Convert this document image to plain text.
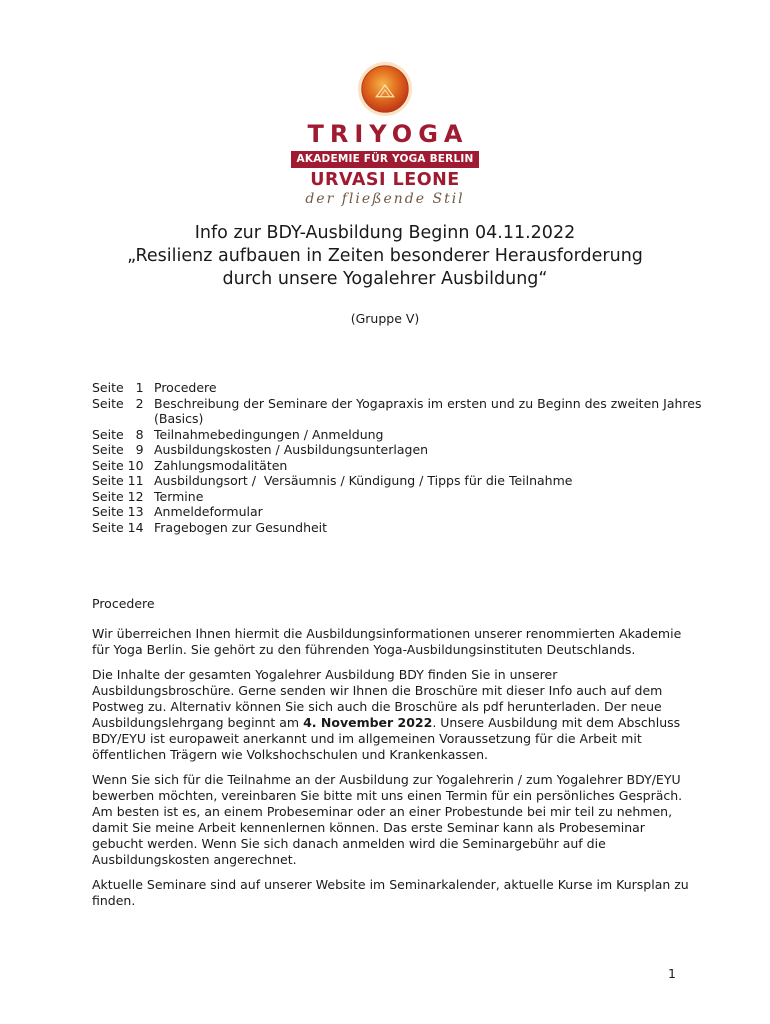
TRIYOGA
AKADEMIE FÜR YOGA BERLIN
URVASI LEONE
der fließende Stil
Info zur BDY-Ausbildung Beginn 04.11.2022
„Resilienz aufbauen in Zeiten besonderer Herausforderung
durch unsere Yogalehrer Ausbildung“
(Gruppe V)
Seite   1 Procedere
Seite   2 Beschreibung der Seminare der Yogapraxis im ersten und zu Beginn des zweiten Jahres (Basics)
Seite   8 Teilnahmebedingungen / Anmeldung
Seite   9 Ausbildungskosten / Ausbildungsunterlagen
Seite 10 Zahlungsmodalitäten
Seite 11 Ausbildungsort /  Versäumnis / Kündigung / Tipps für die Teilnahme
Seite 12 Termine
Seite 13 Anmeldeformular
Seite 14 Fragebogen zur Gesundheit

Procedere

Wir überreichen Ihnen hiermit die Ausbildungsinformationen unserer renommierten Akademie für Yoga Berlin. Sie gehört zu den führenden Yoga-Ausbildungsinstituten Deutschlands.

Die Inhalte der gesamten Yogalehrer Ausbildung BDY finden Sie in unserer Ausbildungsbroschüre. Gerne senden wir Ihnen die Broschüre mit dieser Info auch auf dem Postweg zu. Alternativ können Sie sich auch die Broschüre als pdf herunterladen. Der neue Ausbildungslehrgang beginnt am 4. November 2022. Unsere Ausbildung mit dem Abschluss BDY/EYU ist europaweit anerkannt und im allgemeinen Voraussetzung für die Arbeit mit öffentlichen Trägern wie Volkshochschulen und Krankenkassen.

Wenn Sie sich für die Teilnahme an der Ausbildung zur Yogalehrerin / zum Yogalehrer BDY/EYU bewerben möchten, vereinbaren Sie bitte mit uns einen Termin für ein persönliches Gespräch. Am besten ist es, an einem Probeseminar oder an einer Probestunde bei mir teil zu nehmen, damit Sie meine Arbeit kennenlernen können. Das erste Seminar kann als Probeseminar gebucht werden. Wenn Sie sich danach anmelden wird die Seminargebühr auf die Ausbildungskosten angerechnet.

Aktuelle Seminare sind auf unserer Website im Seminarkalender, aktuelle Kurse im Kursplan zu finden.

1
